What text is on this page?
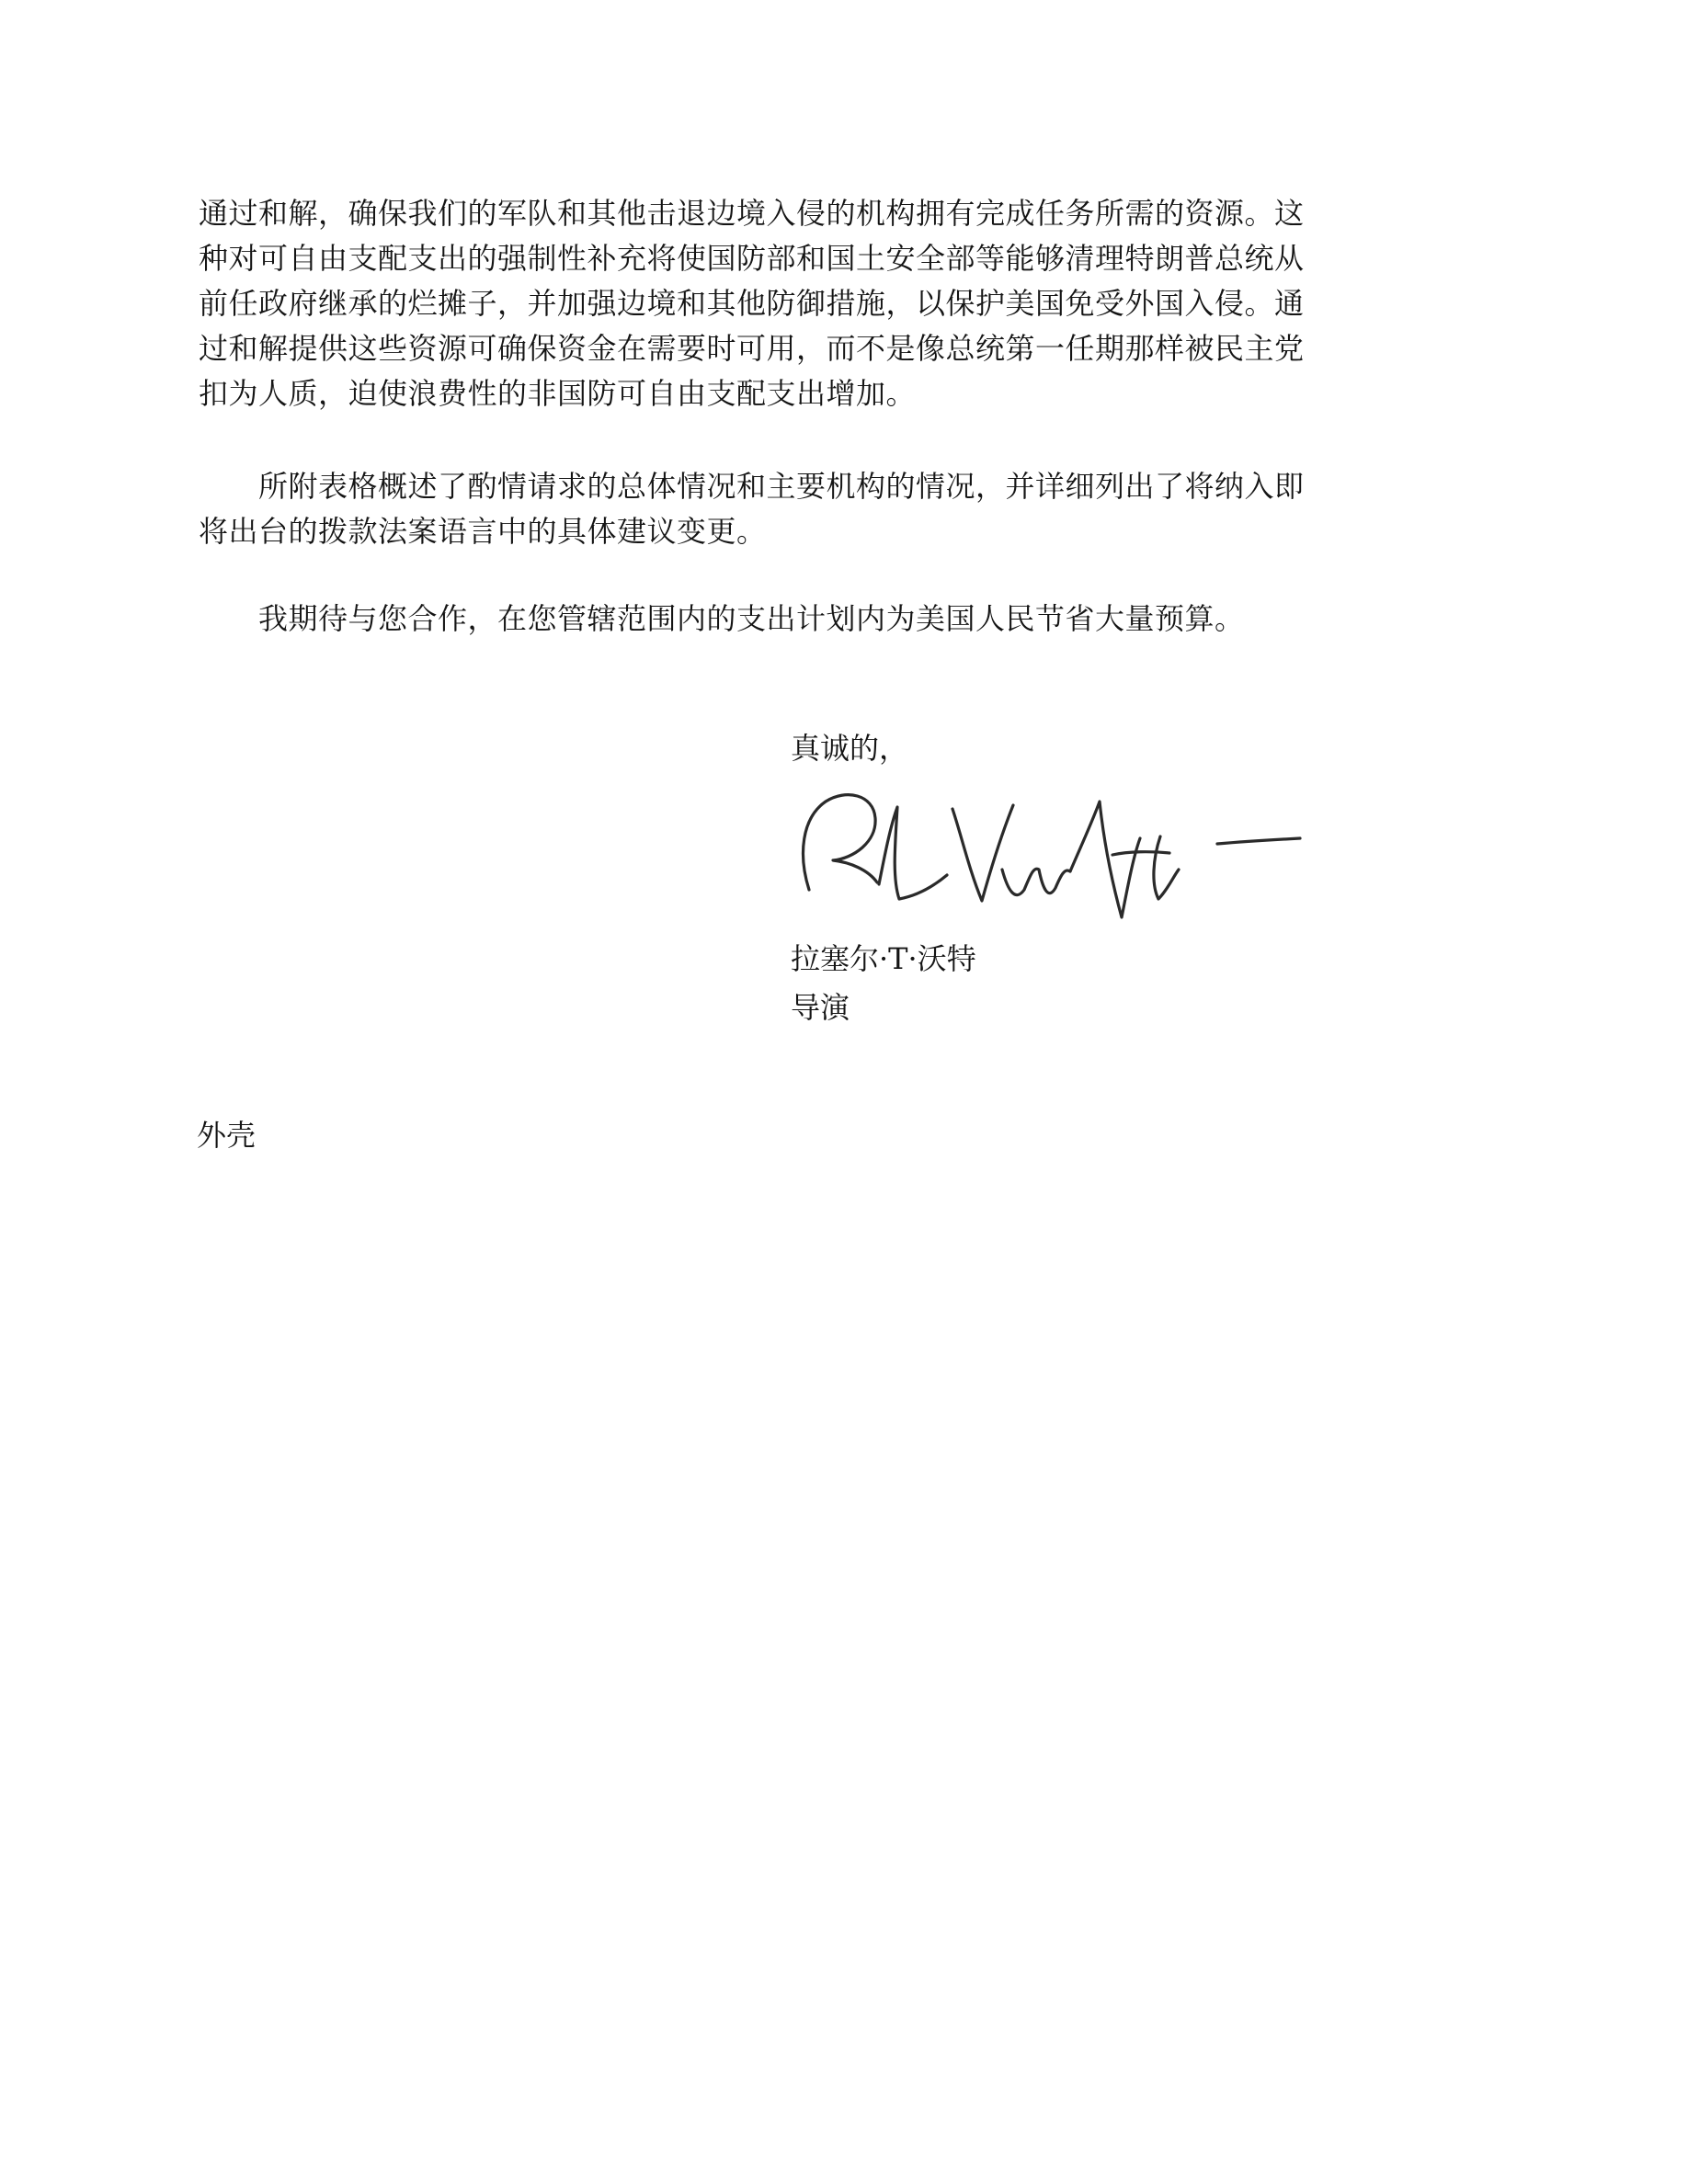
通过和解，确保我们的军队和其他击退边境入侵的机构拥有完成任务所需的资源。这
种对可自由支配支出的强制性补充将使国防部和国土安全部等能够清理特朗普总统从
前任政府继承的烂摊子，并加强边境和其他防御措施，以保护美国免受外国入侵。通
过和解提供这些资源可确保资金在需要时可用，而不是像总统第一任期那样被民主党
扣为人质，迫使浪费性的非国防可自由支配支出增加。
　　所附表格概述了酌情请求的总体情况和主要机构的情况，并详细列出了将纳入即
将出台的拨款法案语言中的具体建议变更。
　　我期待与您合作，在您管辖范围内的支出计划内为美国人民节省大量预算。
真诚的，
拉塞尔·T·沃特
导演
外壳
